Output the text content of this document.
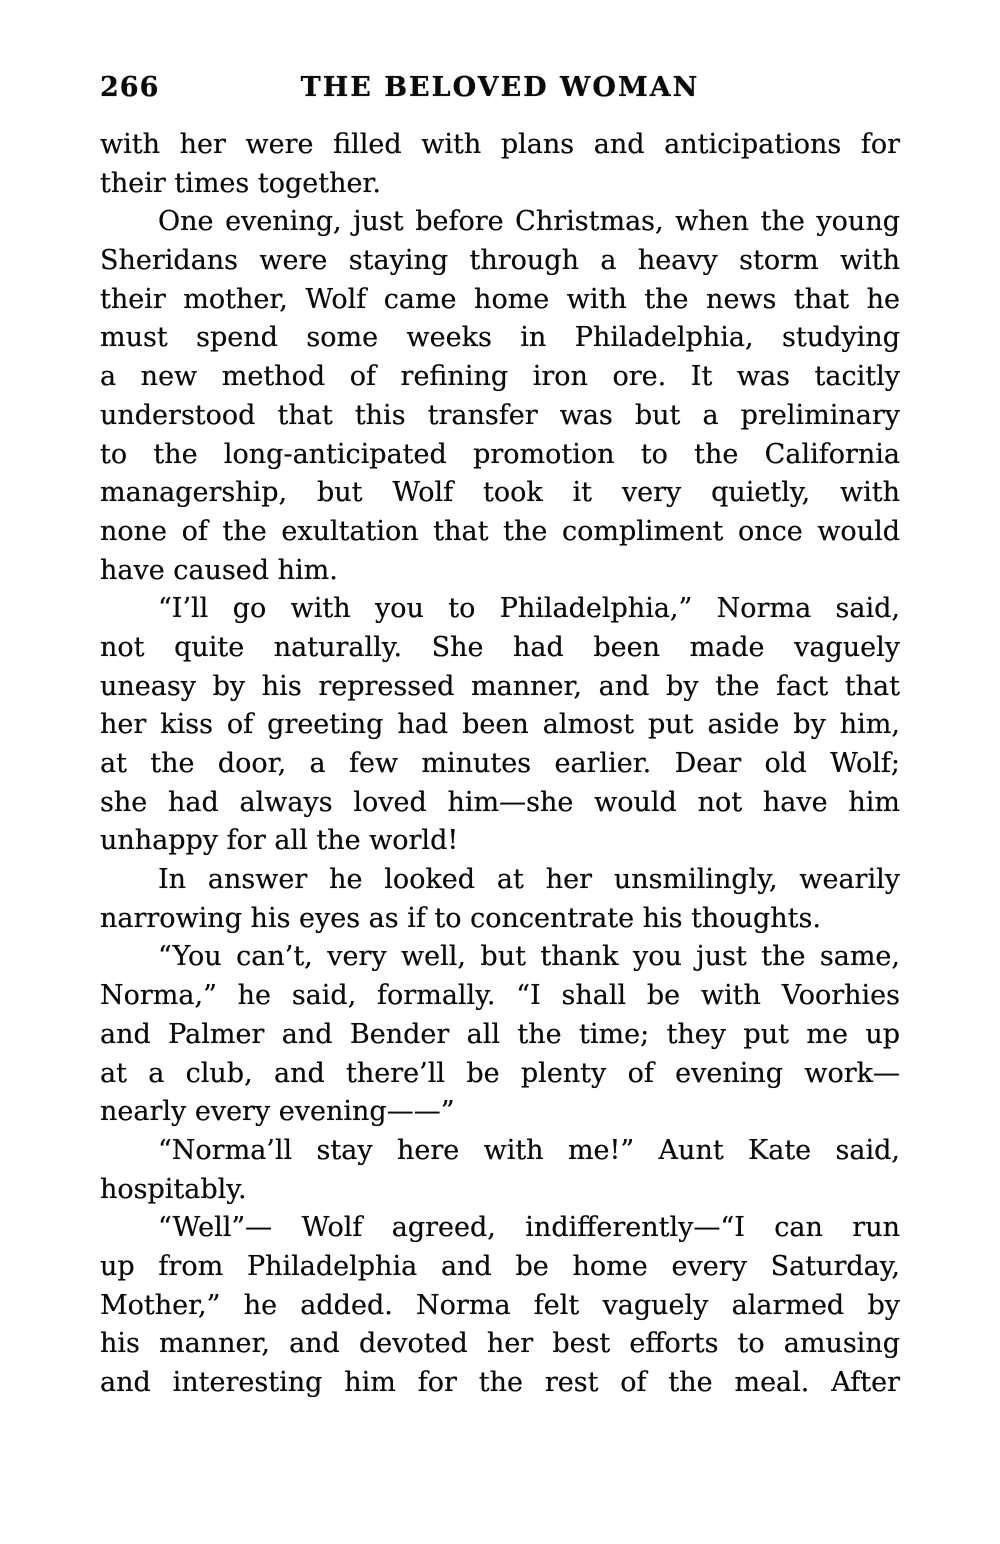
266	THE BELOVED WOMAN

with her were filled with plans and anticipations for
their times together.

One evening, just before Christmas, when the young
Sheridans were staying through a heavy storm with
their mother, Wolf came home with the news that he
must spend some weeks in Philadelphia, studying
a new method of refining iron ore. It was tacitly
understood that this transfer was but a preliminary
to the long-anticipated promotion to the California
managership, but Wolf took it very quietly, with
none of the exultation that the compliment once would
have caused him.

“I’ll go with you to Philadelphia,” Norma said,
not quite naturally. She had been made vaguely
uneasy by his repressed manner, and by the fact that
her kiss of greeting had been almost put aside by him,
at the door, a few minutes earlier. Dear old Wolf;
she had always loved him—she would not have him
unhappy for all the world!

In answer he looked at her unsmilingly, wearily
narrowing his eyes as if to concentrate his thoughts.

“You can’t, very well, but thank you just the same,
Norma,” he said, formally. “I shall be with Voorhies
and Palmer and Bender all the time; they put me up
at a club, and there’ll be plenty of evening work—
nearly every evening——”

“Norma’ll stay here with me!” Aunt Kate said,
hospitably.

“Well”— Wolf agreed, indifferently—“I can run
up from Philadelphia and be home every Saturday,
Mother,” he added. Norma felt vaguely alarmed by
his manner, and devoted her best efforts to amusing
and interesting him for the rest of the meal. After
